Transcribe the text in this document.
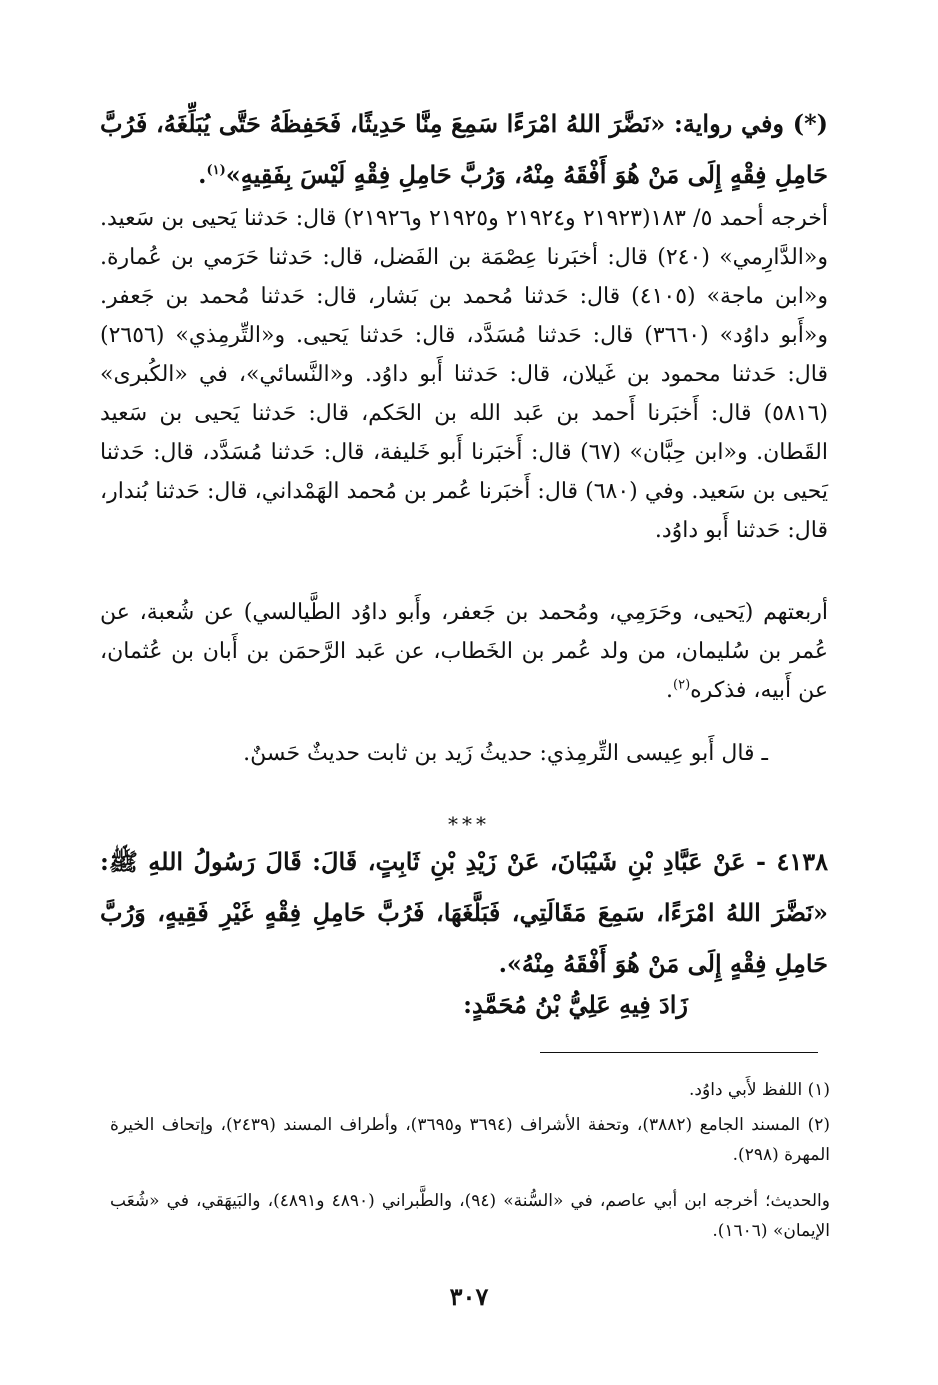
(*) وفي رواية: «نَضَّرَ اللهُ امْرَءًا سَمِعَ مِنَّا حَدِيثًا، فَحَفِظَهُ حَتَّى يُبَلِّغَهُ، فَرُبَّ حَامِلِ فِقْهٍ إِلَى مَنْ هُوَ أَفْقَهُ مِنْهُ، وَرُبَّ حَامِلِ فِقْهٍ لَيْسَ بِفَقِيهٍ»$^{(١)}$.
أخرجه أحمد ٥/ ١٨٣(٢١٩٢٣ و٢١٩٢٤ و٢١٩٢٥ و٢١٩٢٦) قال: حَدثنا يَحيى بن سَعيد. و«الدَّارِمي» (٢٤٠) قال: أخبَرنا عِصْمَة بن الفَضل، قال: حَدثنا حَرَمي بن عُمارة. و«ابن ماجة» (٤١٠٥) قال: حَدثنا مُحمد بن بَشار، قال: حَدثنا مُحمد بن جَعفر. و«أَبو داوُد» (٣٦٦٠) قال: حَدثنا مُسَدَّد، قال: حَدثنا يَحيى. و«التِّرمِذي» (٢٦٥٦) قال: حَدثنا محمود بن غَيلان، قال: حَدثنا أَبو داوُد. و«النَّسائي»، في «الكُبرى» (٥٨١٦) قال: أَخبَرنا أَحمد بن عَبد الله بن الحَكم، قال: حَدثنا يَحيى بن سَعيد القَطان. و«ابن حِبَّان» (٦٧) قال: أَخبَرنا أَبو خَليفة، قال: حَدثنا مُسَدَّد، قال: حَدثنا يَحيى بن سَعيد. وفي (٦٨٠) قال: أَخبَرنا عُمر بن مُحمد الهَمْداني، قال: حَدثنا بُندار، قال: حَدثنا أَبو داوُد.
أربعتهم (يَحيى، وحَرَمِي، ومُحمد بن جَعفر، وأَبو داوُد الطَّيالسي) عن شُعبة، عن عُمر بن سُليمان، من ولد عُمر بن الخَطاب، عن عَبد الرَّحمَن بن أَبان بن عُثمان، عن أَبيه، فذكره$^{(٢)}$.
ـ قال أَبو عِيسى التِّرمِذي: حديثُ زَيد بن ثابت حديثٌ حَسنٌ.
***
٤١٣٨ - عَنْ عَبَّادِ بْنِ شَيْبَانَ، عَنْ زَيْدِ بْنِ ثَابِتٍ، قَالَ: قَالَ رَسُولُ اللهِ ﷺ: «نَضَّرَ اللهُ امْرَءًا، سَمِعَ مَقَالَتِي، فَبَلَّغَهَا، فَرُبَّ حَامِلِ فِقْهٍ غَيْرِ فَقِيهٍ، وَرُبَّ حَامِلِ فِقْهٍ إِلَى مَنْ هُوَ أَفْقَهُ مِنْهُ».
زَادَ فِيهِ عَلِيُّ بْنُ مُحَمَّدٍ:
(١) اللفظ لأَبي داوُد.
(٢) المسند الجامع (٣٨٨٢)، وتحفة الأشراف (٣٦٩٤ و٣٦٩٥)، وأطراف المسند (٢٤٣٩)، وإتحاف الخيرة المهرة (٢٩٨).
والحديث؛ أخرجه ابن أبي عاصم، في «السُّنة» (٩٤)، والطَّبراني (٤٨٩٠ و٤٨٩١)، والبَيهَقي، في «شُعَب الإيمان» (١٦٠٦).
٣٠٧
